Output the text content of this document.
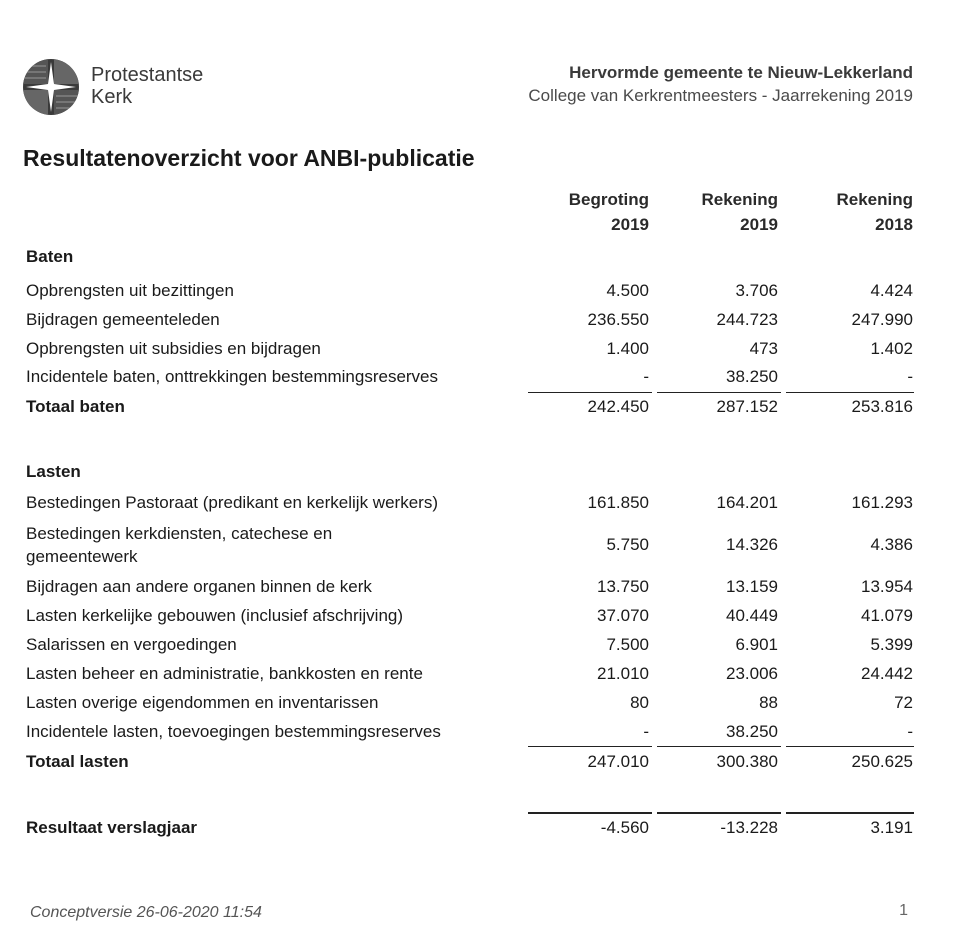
Protestantse
Kerk
Hervormde gemeente te Nieuw-Lekkerland
College van Kerkrentmeesters - Jaarrekening 2019
Resultatenoverzicht voor ANBI-publicatie
Begroting
2019
Rekening
2019
Rekening
2018
Baten
Opbrengsten uit bezittingen	4.500	3.706	4.424
Bijdragen gemeenteleden	236.550	244.723	247.990
Opbrengsten uit subsidies en bijdragen	1.400	473	1.402
Incidentele baten, onttrekkingen bestemmingsreserves	-	38.250	-
Totaal baten	242.450	287.152	253.816
Lasten
Bestedingen Pastoraat (predikant en kerkelijk werkers)	161.850	164.201	161.293
Bestedingen kerkdiensten, catechese en gemeentewerk
5.750	14.326	4.386
Bijdragen aan andere organen binnen de kerk	13.750	13.159	13.954
Lasten kerkelijke gebouwen (inclusief afschrijving)	37.070	40.449	41.079
Salarissen en vergoedingen	7.500	6.901	5.399
Lasten beheer en administratie, bankkosten en rente	21.010	23.006	24.442
Lasten overige eigendommen en inventarissen	80	88	72
Incidentele lasten, toevoegingen bestemmingsreserves	-	38.250	-
Totaal lasten	247.010	300.380	250.625
Resultaat verslagjaar	-4.560	-13.228	3.191
Conceptversie 26-06-2020 11:54	1
